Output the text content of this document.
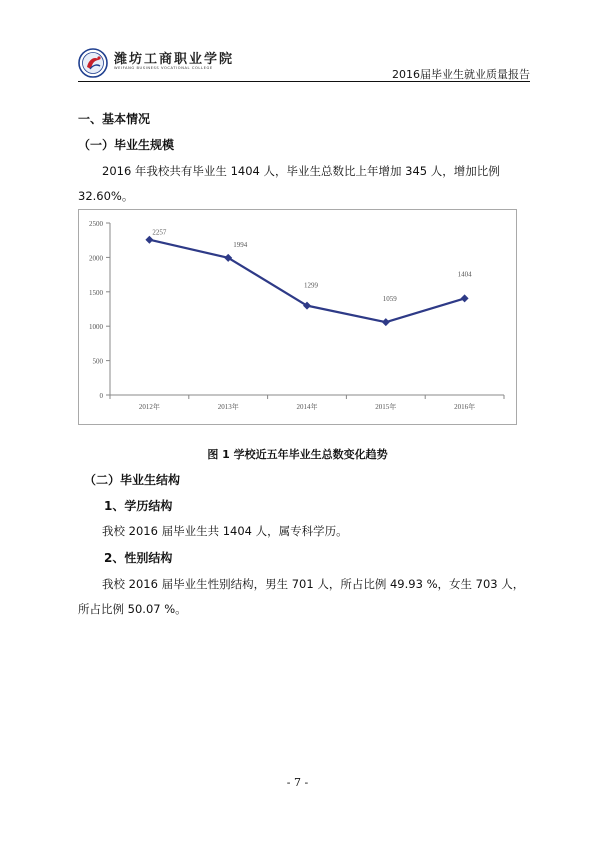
潍坊工商职业学院
WEIFANG BUSINESS VOCATIONAL COLLEGE	2016届毕业生就业质量报告
一、基本情况
（一）毕业生规模
2016 年我校共有毕业生 1404 人，毕业生总数比上年增加 345 人，增加比例
32.60%。
0
500
1000
1500
2000
2500
2012年	2013年	2014年	2015年	2016年
2257
1994
1299
1059
1404
图 1 学校近五年毕业生总数变化趋势
（二）毕业生结构
1、学历结构
我校 2016 届毕业生共 1404 人，属专科学历。
2、性别结构
我校 2016 届毕业生性别结构，男生 701 人，所占比例 49.93 %，女生 703 人，
所占比例 50.07 %。
- 7 -
